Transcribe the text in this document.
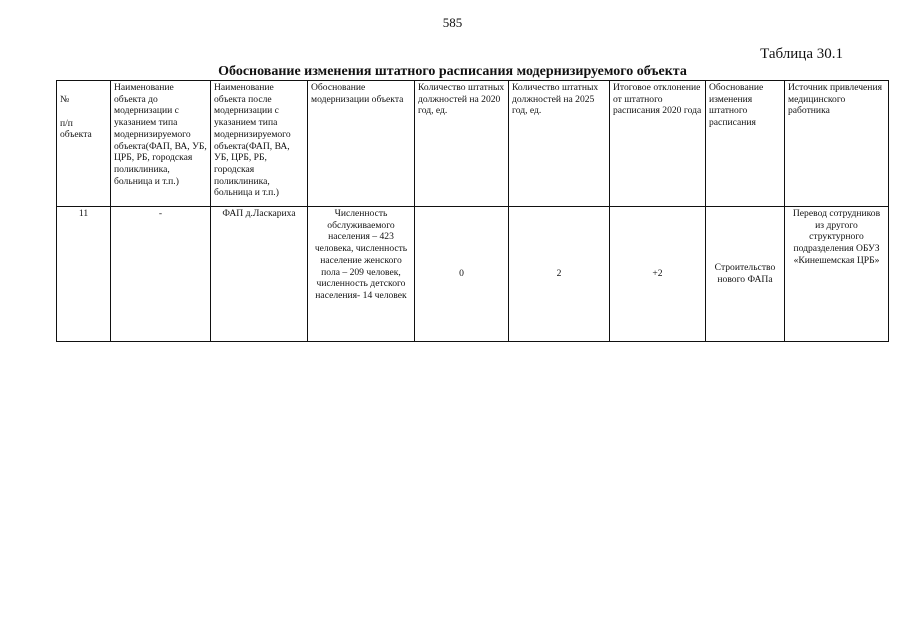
585
Таблица 30.1
Обоснование изменения штатного расписания модернизируемого объекта
№
п/п объекта	Наименование объекта до модернизации с указанием типа модернизируемого объекта(ФАП, ВА, УБ, ЦРБ, РБ, городская поликлиника, больница и т.п.)	Наименование объекта после модернизации с указанием типа модернизируемого объекта(ФАП, ВА, УБ, ЦРБ, РБ, городская поликлиника, больница и т.п.)	Обоснование модернизации объекта	Количество штатных должностей на 2020 год, ед.	Количество штатных должностей на 2025 год, ед.	Итоговое отклонение от штатного расписания 2020 года	Обоснование изменения штатного расписания	Источник привлечения медицинского работника
11	-	ФАП д.Ласкариха	Численность обслуживаемого населения – 423 человека, численность население женского пола – 209 человек, численность детского населения- 14 человек	0	2	+2	Строительство нового ФАПа	Перевод сотрудников из другого структурного подразделения ОБУЗ «Кинешемская ЦРБ»
